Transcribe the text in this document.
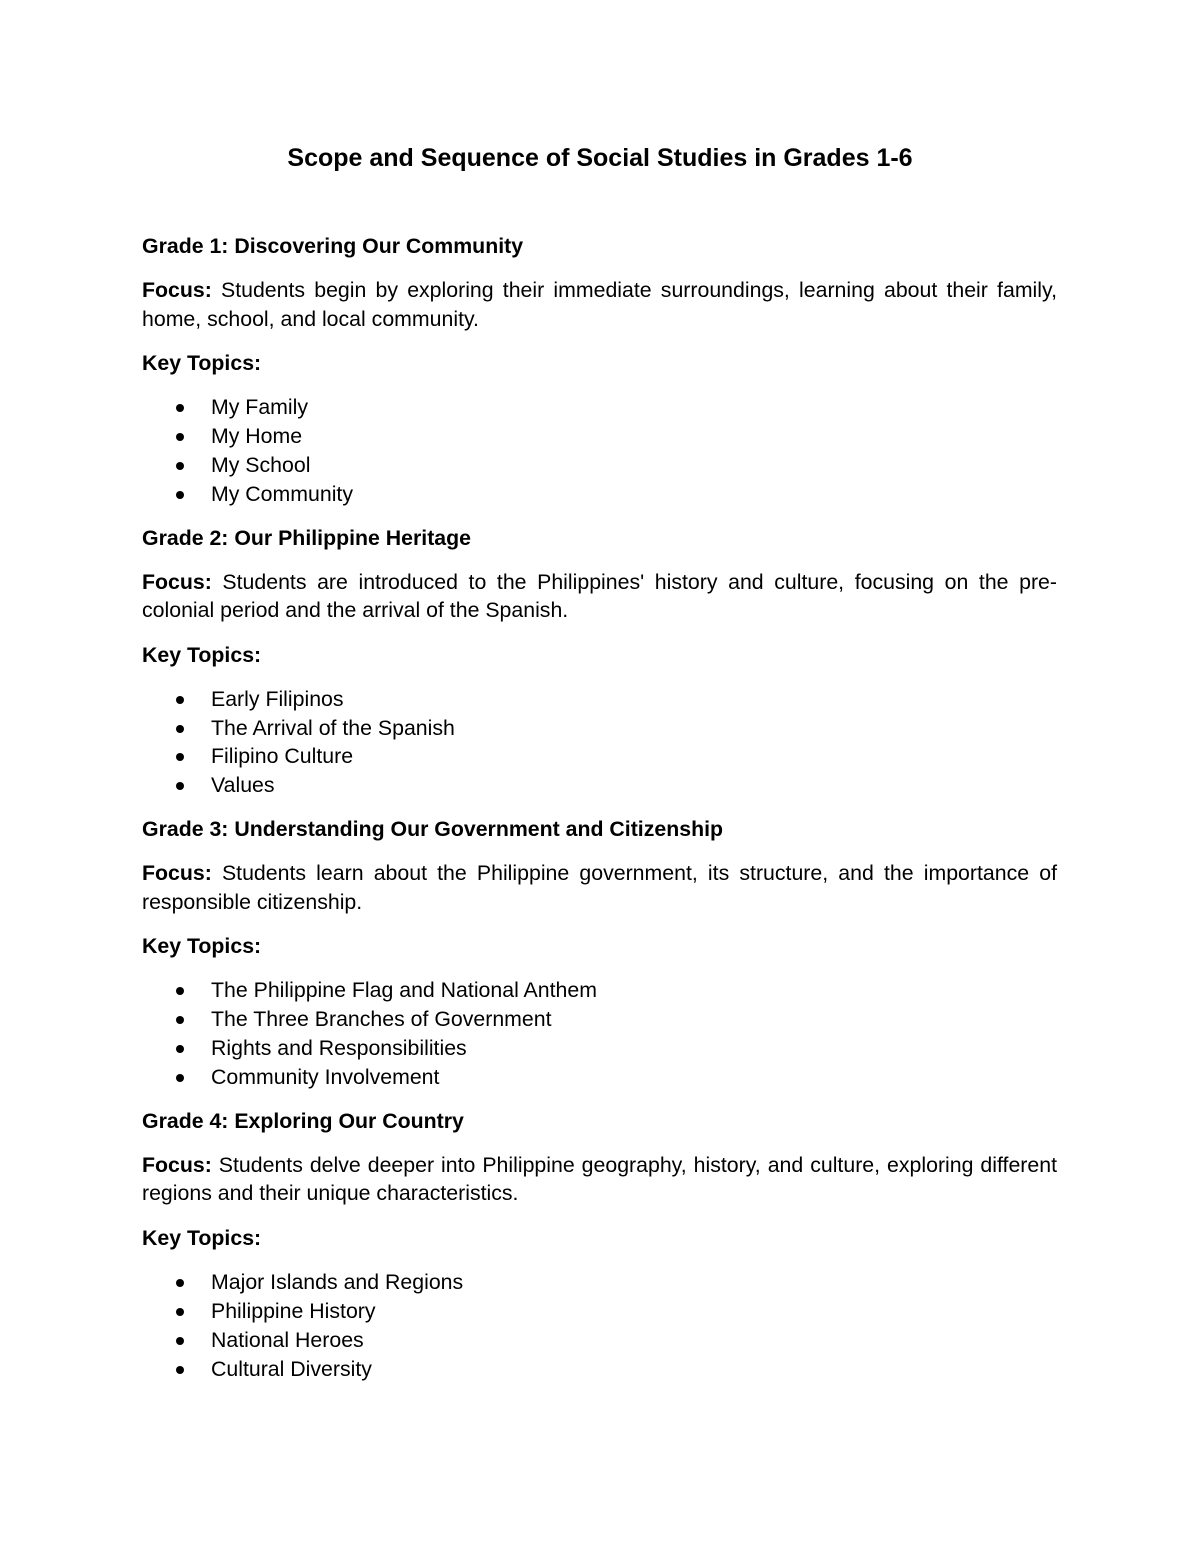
Scope and Sequence of Social Studies in Grades 1-6
Grade 1: Discovering Our Community

Focus: Students begin by exploring their immediate surroundings, learning about their family, home, school, and local community.

Key Topics:
My Family
My Home
My School
My Community
Grade 2: Our Philippine Heritage

Focus: Students are introduced to the Philippines' history and culture, focusing on the pre-colonial period and the arrival of the Spanish.

Key Topics:
Early Filipinos
The Arrival of the Spanish
Filipino Culture
Values
Grade 3: Understanding Our Government and Citizenship

Focus: Students learn about the Philippine government, its structure, and the importance of responsible citizenship.

Key Topics:
The Philippine Flag and National Anthem
The Three Branches of Government
Rights and Responsibilities
Community Involvement
Grade 4: Exploring Our Country

Focus: Students delve deeper into Philippine geography, history, and culture, exploring different regions and their unique characteristics.

Key Topics:
Major Islands and Regions
Philippine History
National Heroes
Cultural Diversity
